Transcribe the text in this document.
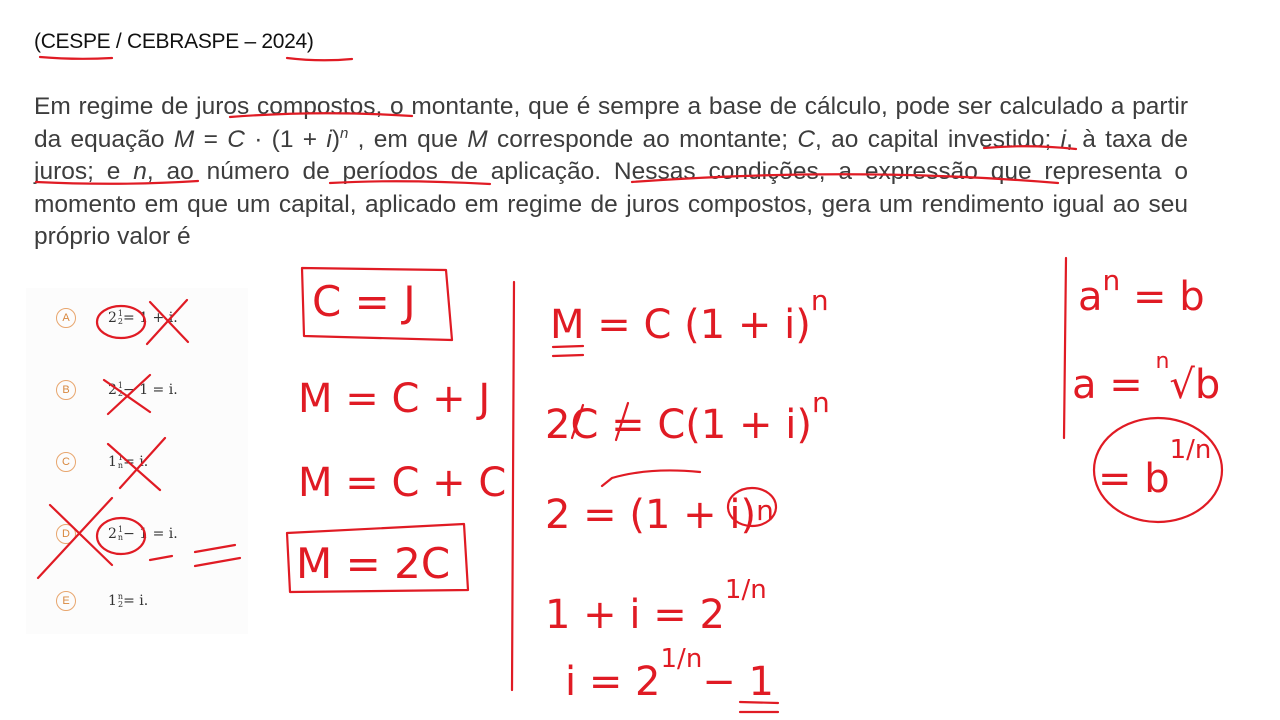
(CESPE / CEBRASPE – 2024)
Em regime de juros compostos, o montante, que é sempre a base de cálculo, pode ser calculado a partir da equação $M = C \cdot (1 + i)^n$ , em que M corresponde ao montante; C, ao capital investido; i, à taxa de juros; e n, ao número de períodos de aplicação. Nessas condições, a expressão que representa o momento em que um capital, aplicado em regime de juros compostos, gera um rendimento igual ao seu próprio valor é
A	2 1
2 = 1 + i.
B	2 1
2 − 1 = i.
C	1 1
n = i.
D	2 1
n − 1 = i.
E	1 n
2 = i.
C = J
M = C + J
M = C + C
M = 2C
M = C $(1 + i)^n$
$2C = C(1 + i)^n$
$2 = (1 + i)^n$
$1 + i = 2^{1/n}$
$i = 2^{1/n}- 1$
$a^n = b$
a = $^n$√b
= $b^{1/n}$
